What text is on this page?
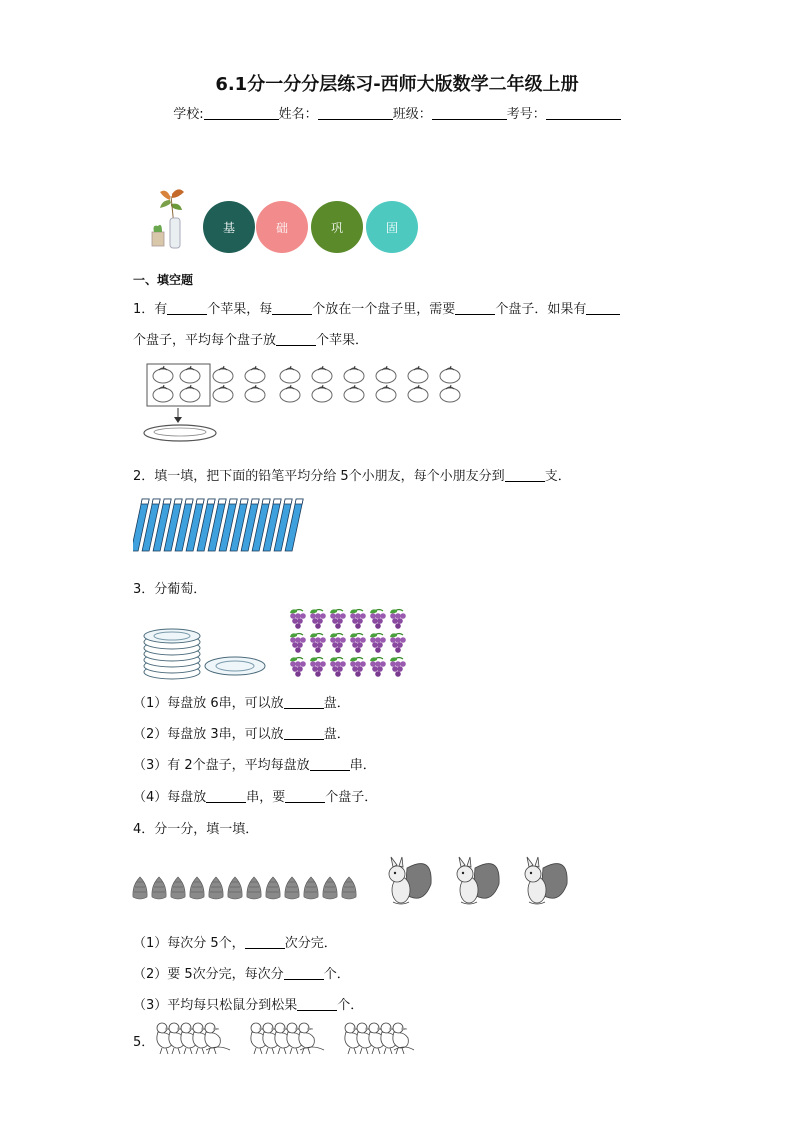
6.1分一分分层练习-西师大版数学二年级上册
学校:	姓名：	班级：	考号：
基	础	巩	固
一、填空题
1．有	个苹果，每	个放在一个盘子里，需要	个盘子．如果有
个盘子，平均每个盘子放	个苹果．
2．填一填，把下面的铅笔平均分给 5个小朋友，每个小朋友分到	支．
3．分葡萄．
（1）每盘放 6串，可以放	盘．
（2）每盘放 3串，可以放	盘．
（3）有 2个盘子，平均每盘放	串．
（4）每盘放	串，要	个盘子．
4．分一分，填一填．
（1）每次分 5个，	次分完．
（2）要 5次分完，每次分	个．
（3）平均每只松鼠分到松果	个．
5．
